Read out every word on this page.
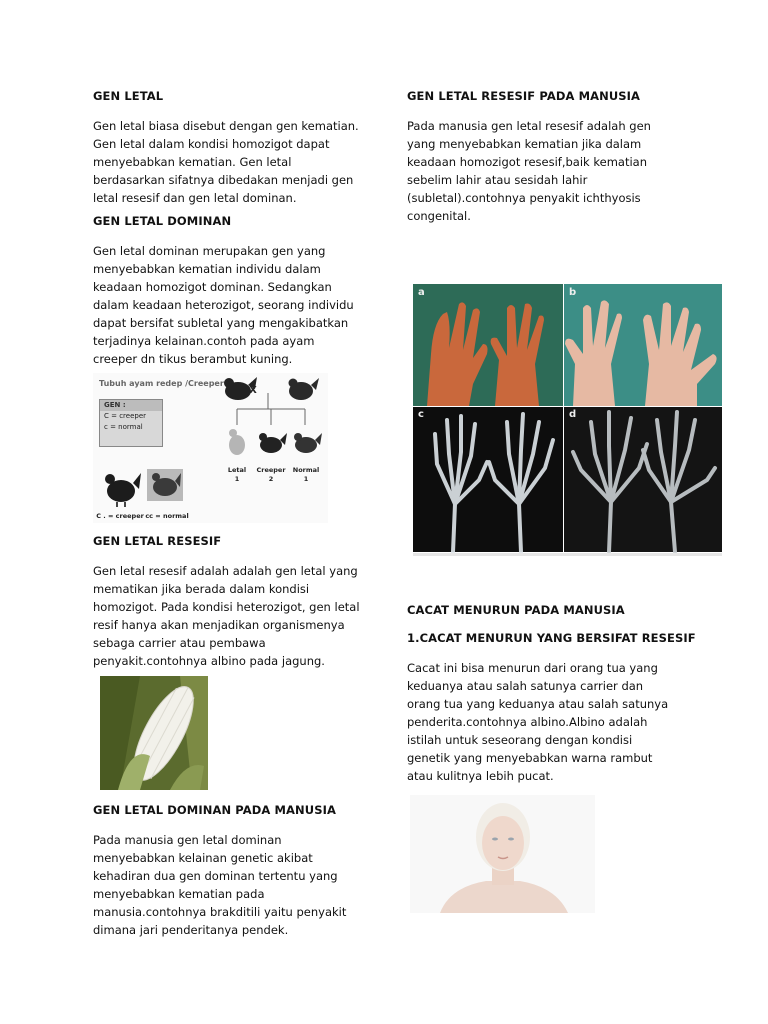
GEN LETAL

Gen letal biasa disebut dengan gen kematian.

Gen letal dalam kondisi homozigot dapat

menyebabkan kematian. Gen letal

berdasarkan sifatnya dibedakan menjadi gen

letal resesif dan gen letal dominan.

GEN LETAL DOMINAN

Gen letal dominan merupakan gen yang

menyebabkan kematian individu dalam

keadaan homozigot dominan. Sedangkan

dalam keadaan heterozigot, seorang individu

dapat bersifat subletal yang mengakibatkan

terjadinya kelainan.contoh pada ayam

creeper dn tikus berambut kuning.

Tubuh ayam redep /Creeper
GEN :
C = creeper
c = normal
X
Letal
1
Creeper
2
Normal
1
C . = creeper cc = normal

GEN LETAL RESESIF

Gen letal resesif adalah adalah gen letal yang

mematikan jika berada dalam kondisi

homozigot. Pada kondisi heterozigot, gen letal

resif hanya akan menjadikan organismenya

sebaga carrier atau pembawa

penyakit.contohnya albino pada jagung.

GEN LETAL DOMINAN PADA MANUSIA

Pada manusia gen letal dominan

menyebabkan kelainan genetic akibat

kehadiran dua gen dominan tertentu yang

menyebabkan kematian pada

manusia.contohnya brakditili yaitu penyakit

dimana jari penderitanya pendek.

GEN LETAL RESESIF PADA MANUSIA

Pada manusia gen letal resesif adalah gen

yang menyebabkan kematian jika dalam

keadaan homozigot resesif,baik kematian

sebelim lahir atau sesidah lahir

(subletal).contohnya penyakit ichthyosis

congenital.

a	b
c	d

CACAT MENURUN PADA MANUSIA

1.CACAT MENURUN YANG BERSIFAT RESESIF

Cacat ini bisa menurun dari orang tua yang

keduanya atau salah satunya carrier dan

orang tua yang keduanya atau salah satunya

penderita.contohnya albino.Albino adalah

istilah untuk seseorang dengan kondisi

genetik yang menyebabkan warna rambut

atau kulitnya lebih pucat.
